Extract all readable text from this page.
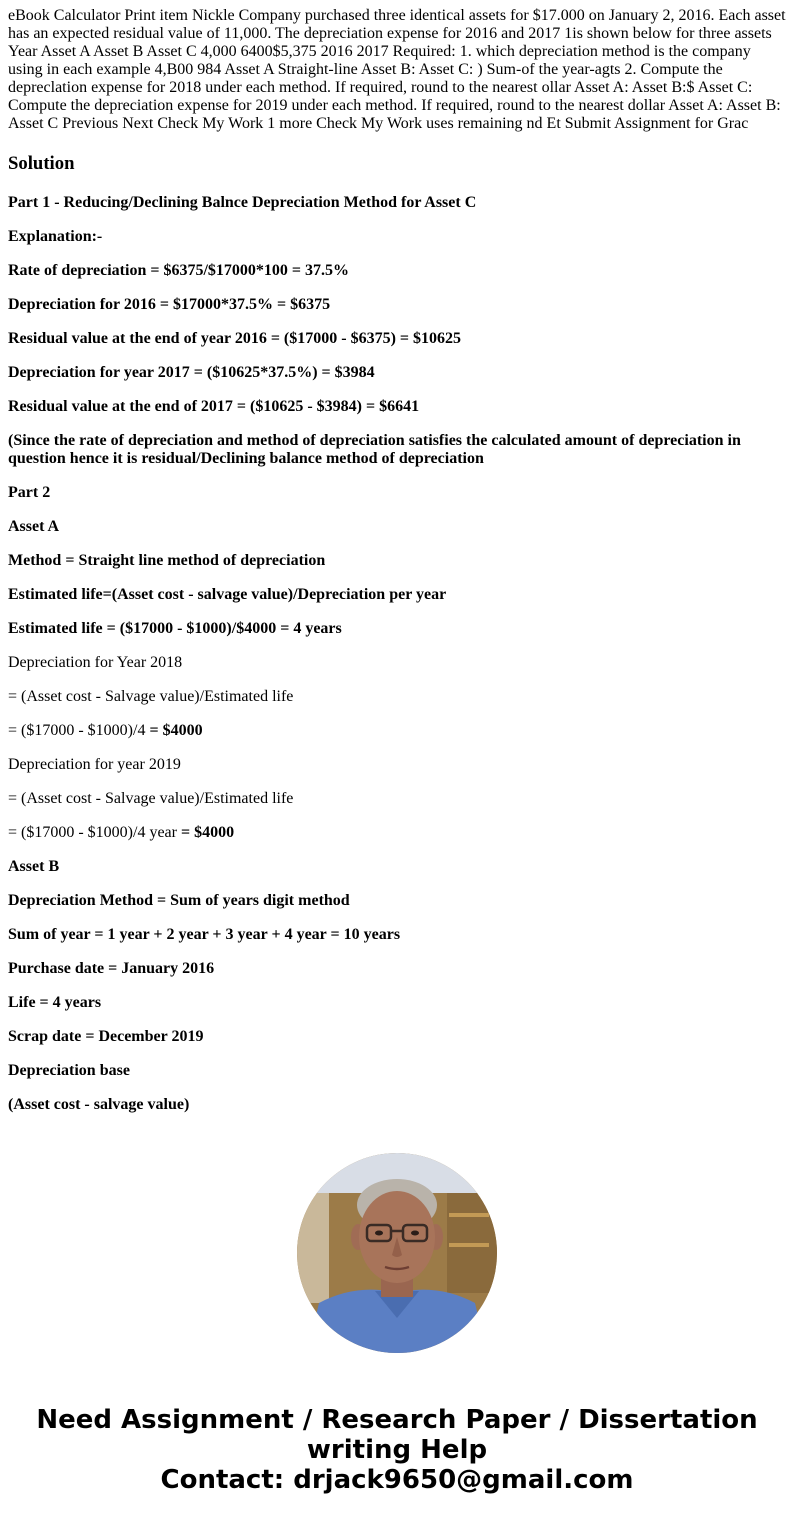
eBook Calculator Print item Nickle Company purchased three identical assets for $17.000 on January 2, 2016. Each asset has an expected residual value of 11,000. The depreciation expense for 2016 and 2017 1is shown below for three assets Year Asset A Asset B Asset C 4,000 6400$5,375 2016 2017 Required: 1. which depreciation method is the company using in each example 4,B00 984 Asset A Straight-line Asset B: Asset C: ) Sum-of the year-agts 2. Compute the depreclation expense for 2018 under each method. If required, round to the nearest ollar Asset A: Asset B:$ Asset C: Compute the depreciation expense for 2019 under each method. If required, round to the nearest dollar Asset A: Asset B: Asset C Previous Next Check My Work 1 more Check My Work uses remaining nd Et Submit Assignment for Grac

Solution

Part 1 - Reducing/Declining Balnce Depreciation Method for Asset C

Explanation:-

Rate of depreciation = $6375/$17000*100 = 37.5%

Depreciation for 2016 = $17000*37.5% = $6375

Residual value at the end of year 2016 = ($17000 - $6375) = $10625

Depreciation for year 2017 = ($10625*37.5%) = $3984

Residual value at the end of 2017 = ($10625 - $3984) = $6641

(Since the rate of depreciation and method of depreciation satisfies the calculated amount of depreciation in question hence it is residual/Declining balance method of depreciation

Part 2

Asset A

Method = Straight line method of depreciation

Estimated life=(Asset cost - salvage value)/Depreciation per year

Estimated life = ($17000 - $1000)/$4000 = 4 years

Depreciation for Year 2018

= (Asset cost - Salvage value)/Estimated life

= ($17000 - $1000)/4 = $4000

Depreciation for year 2019

= (Asset cost - Salvage value)/Estimated life

= ($17000 - $1000)/4 year = $4000

Asset B

Depreciation Method = Sum of years digit method

Sum of year = 1 year + 2 year + 3 year + 4 year = 10 years

Purchase date = January 2016

Life = 4 years

Scrap date = December 2019

Depreciation base

(Asset cost - salvage value)

Need Assignment / Research Paper / Dissertation
writing Help
Contact: drjack9650@gmail.com
